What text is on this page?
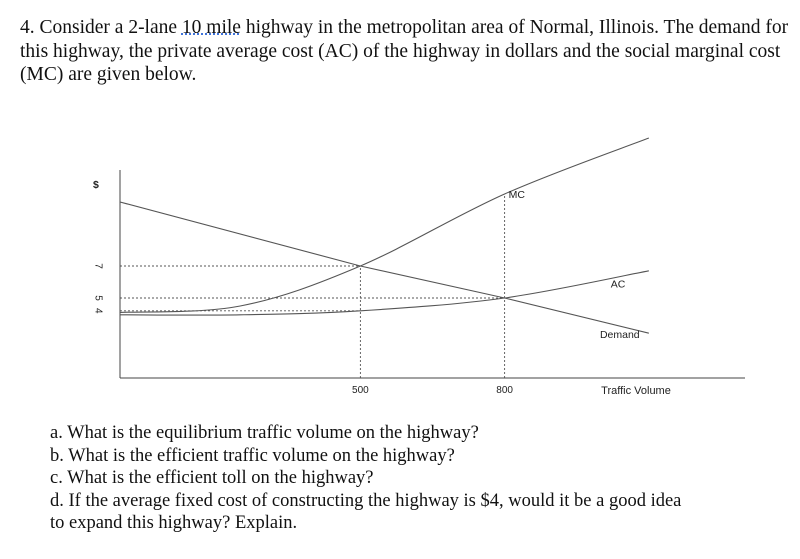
4. Consider a 2-lane 10 mile highway in the metropolitan area of Normal, Illinois. The demand for this highway, the private average cost (AC) of the highway in dollars and the social marginal cost (MC) are given below.
MC
AC
Demand
$
7
5
4
500	800	Traffic Volume
a. What is the equilibrium traffic volume on the highway?
b. What is the efficient traffic volume on the highway?
c. What is the efficient toll on the highway?
d. If the average fixed cost of constructing the highway is $4, would it be a good idea
to expand this highway? Explain.
